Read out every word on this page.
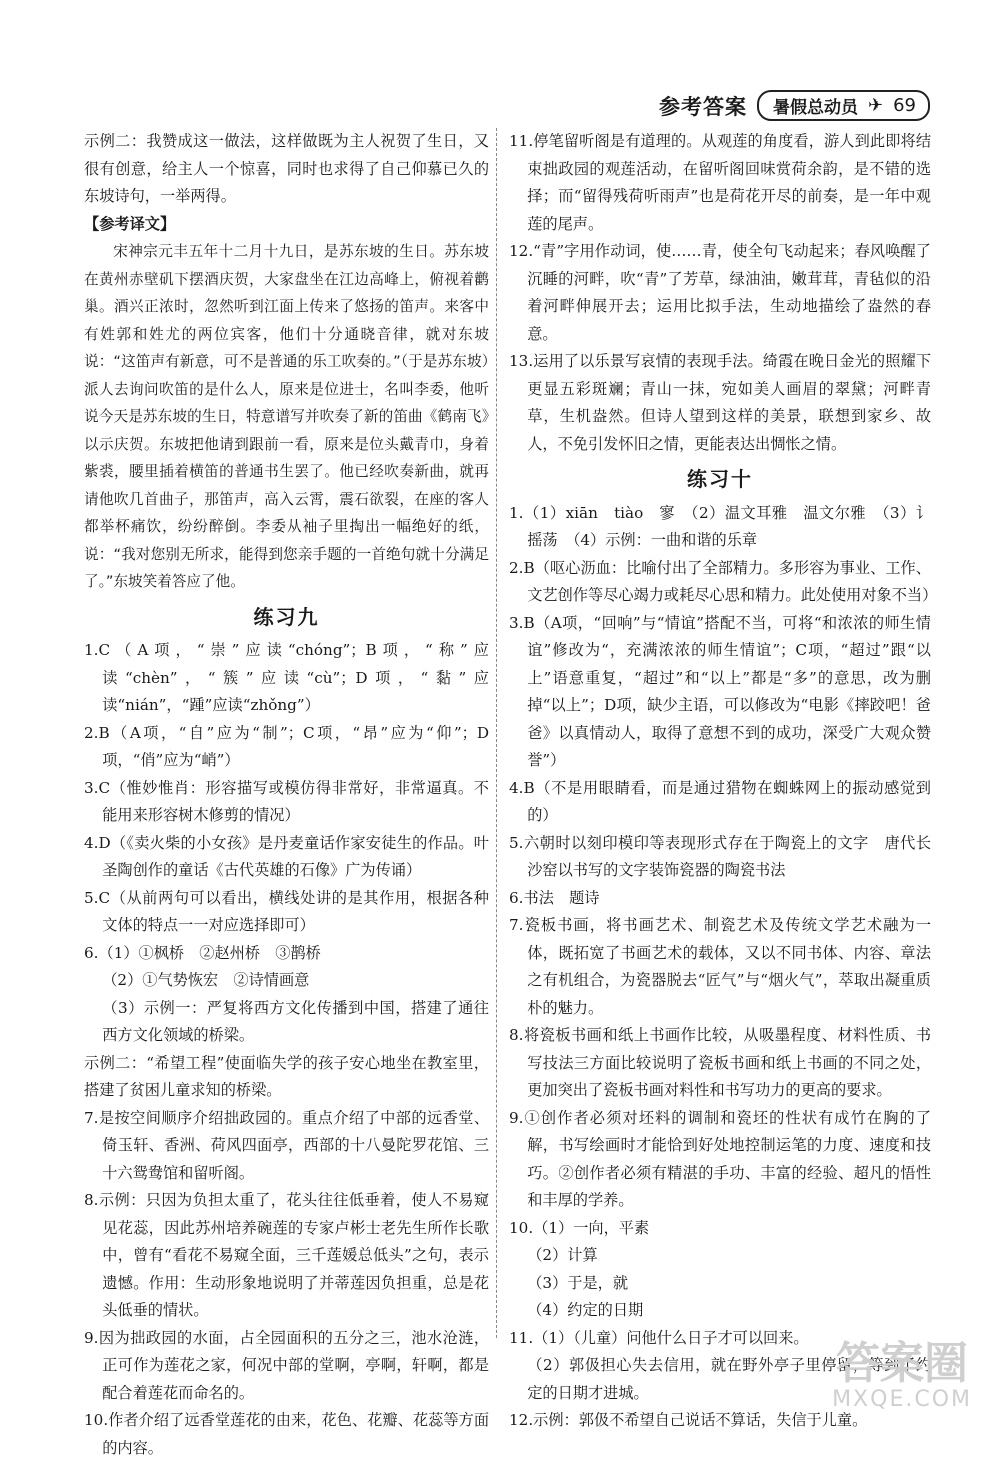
参考答案 暑假总动员 ✈ 69

示例二：我赞成这一做法，这样做既为主人祝贺了生日，又很有创意，给主人一个惊喜，同时也求得了自己仰慕已久的东坡诗句，一举两得。

【参考译文】

宋神宗元丰五年十二月十九日，是苏东坡的生日。苏东坡在黄州赤壁矶下摆酒庆贺，大家盘坐在江边高峰上，俯视着鹳巢。酒兴正浓时，忽然听到江面上传来了悠扬的笛声。来客中有姓郭和姓尤的两位宾客，他们十分通晓音律，就对东坡说：“这笛声有新意，可不是普通的乐工吹奏的。”（于是苏东坡）派人去询问吹笛的是什么人，原来是位进士，名叫李委，他听说今天是苏东坡的生日，特意谱写并吹奏了新的笛曲《鹤南飞》以示庆贺。东坡把他请到跟前一看，原来是位头戴青巾，身着紫裘，腰里插着横笛的普通书生罢了。他已经吹奏新曲，就再请他吹几首曲子，那笛声，高入云霄，震石欲裂，在座的客人都举杯痛饮，纷纷醉倒。李委从袖子里掏出一幅绝好的纸，说：“我对您别无所求，能得到您亲手题的一首绝句就十分满足了。”东坡笑着答应了他。

练习九

1.C（A项，“崇”应读“chóng”；B项，“称”应读“chèn”，“簇”应读“cù”；D项，“黏”应读“nián”，“踵”应读“zhǒng”）

2.B（A项，“自”应为“制”；C项，“昂”应为“仰”；D项，“俏”应为“峭”）

3.C（惟妙惟肖：形容描写或模仿得非常好，非常逼真。不能用来形容树木修剪的情况）

4.D（《卖火柴的小女孩》是丹麦童话作家安徒生的作品。叶圣陶创作的童话《古代英雄的石像》广为传诵）

5.C（从前两句可以看出，横线处讲的是其作用，根据各种文体的特点一一对应选择即可）

6.（1）①枫桥　②赵州桥　③鹊桥

（2）①气势恢宏　②诗情画意

（3）示例一：严复将西方文化传播到中国，搭建了通往西方文化领域的桥梁。

示例二：“希望工程”使面临失学的孩子安心地坐在教室里，搭建了贫困儿童求知的桥梁。

7.是按空间顺序介绍拙政园的。重点介绍了中部的远香堂、倚玉轩、香洲、荷风四面亭，西部的十八曼陀罗花馆、三十六鸳鸯馆和留听阁。

8.示例：只因为负担太重了，花头往往低垂着，使人不易窥见花蕊，因此苏州培养碗莲的专家卢彬士老先生所作长歌中，曾有“看花不易窥全面，三千莲媛总低头”之句，表示遗憾。作用：生动形象地说明了并蒂莲因负担重，总是花头低垂的情状。

9.因为拙政园的水面，占全园面积的五分之三，池水沧涟，正可作为莲花之家，何况中部的堂啊，亭啊，轩啊，都是配合着莲花而命名的。

10.作者介绍了远香堂莲花的由来，花色、花瓣、花蕊等方面的内容。

11.停笔留听阁是有道理的。从观莲的角度看，游人到此即将结束拙政园的观莲活动，在留听阁回味赏荷余韵，是不错的选择；而“留得残荷听雨声”也是荷花开尽的前奏，是一年中观莲的尾声。

12.“青”字用作动词，使……青，使全句飞动起来；春风唤醒了沉睡的河畔，吹“青”了芳草，绿油油，嫩茸茸，青毡似的沿着河畔伸展开去；运用比拟手法，生动地描绘了盎然的春意。

13.运用了以乐景写哀情的表现手法。绮霞在晚日金光的照耀下更显五彩斑斓；青山一抹，宛如美人画眉的翠黛；河畔青草，生机盎然。但诗人望到这样的美景，联想到家乡、故人，不免引发怀旧之情，更能表达出惆怅之情。

练习十

1.（1）xiān　tiào　寥　（2）温文耳雅　温文尔雅　（3）讠摇荡　（4）示例：一曲和谐的乐章

2.B（呕心沥血：比喻付出了全部精力。多形容为事业、工作、文艺创作等尽心竭力或耗尽心思和精力。此处使用对象不当）

3.B（A项，“回响”与“情谊”搭配不当，可将“和浓浓的师生情谊”修改为“，充满浓浓的师生情谊”；C项，“超过”跟“以上”语意重复，“超过”和“以上”都是“多”的意思，改为删掉“以上”；D项，缺少主语，可以修改为“电影《摔跤吧！爸爸》以真情动人，取得了意想不到的成功，深受广大观众赞誉”）

4.B（不是用眼睛看，而是通过猎物在蜘蛛网上的振动感觉到的）

5.六朝时以刻印模印等表现形式存在于陶瓷上的文字　唐代长沙窑以书写的文字装饰瓷器的陶瓷书法

6.书法　题诗

7.瓷板书画，将书画艺术、制瓷艺术及传统文学艺术融为一体，既拓宽了书画艺术的载体，又以不同书体、内容、章法之有机组合，为瓷器脱去“匠气”与“烟火气”，萃取出凝重质朴的魅力。

8.将瓷板书画和纸上书画作比较，从吸墨程度、材料性质、书写技法三方面比较说明了瓷板书画和纸上书画的不同之处，更加突出了瓷板书画对料性和书写功力的更高的要求。

9.①创作者必须对坯料的调制和瓷坯的性状有成竹在胸的了解，书写绘画时才能恰到好处地控制运笔的力度、速度和技巧。②创作者必须有精湛的手功、丰富的经验、超凡的悟性和丰厚的学养。

10.（1）一向，平素

（2）计算

（3）于是，就

（4）约定的日期

11.（1）（儿童）问他什么日子才可以回来。

（2）郭伋担心失去信用，就在野外亭子里停留，等到了约定的日期才进城。

12.示例：郭伋不希望自己说话不算话，失信于儿童。

答案圈
MXQE.COM
